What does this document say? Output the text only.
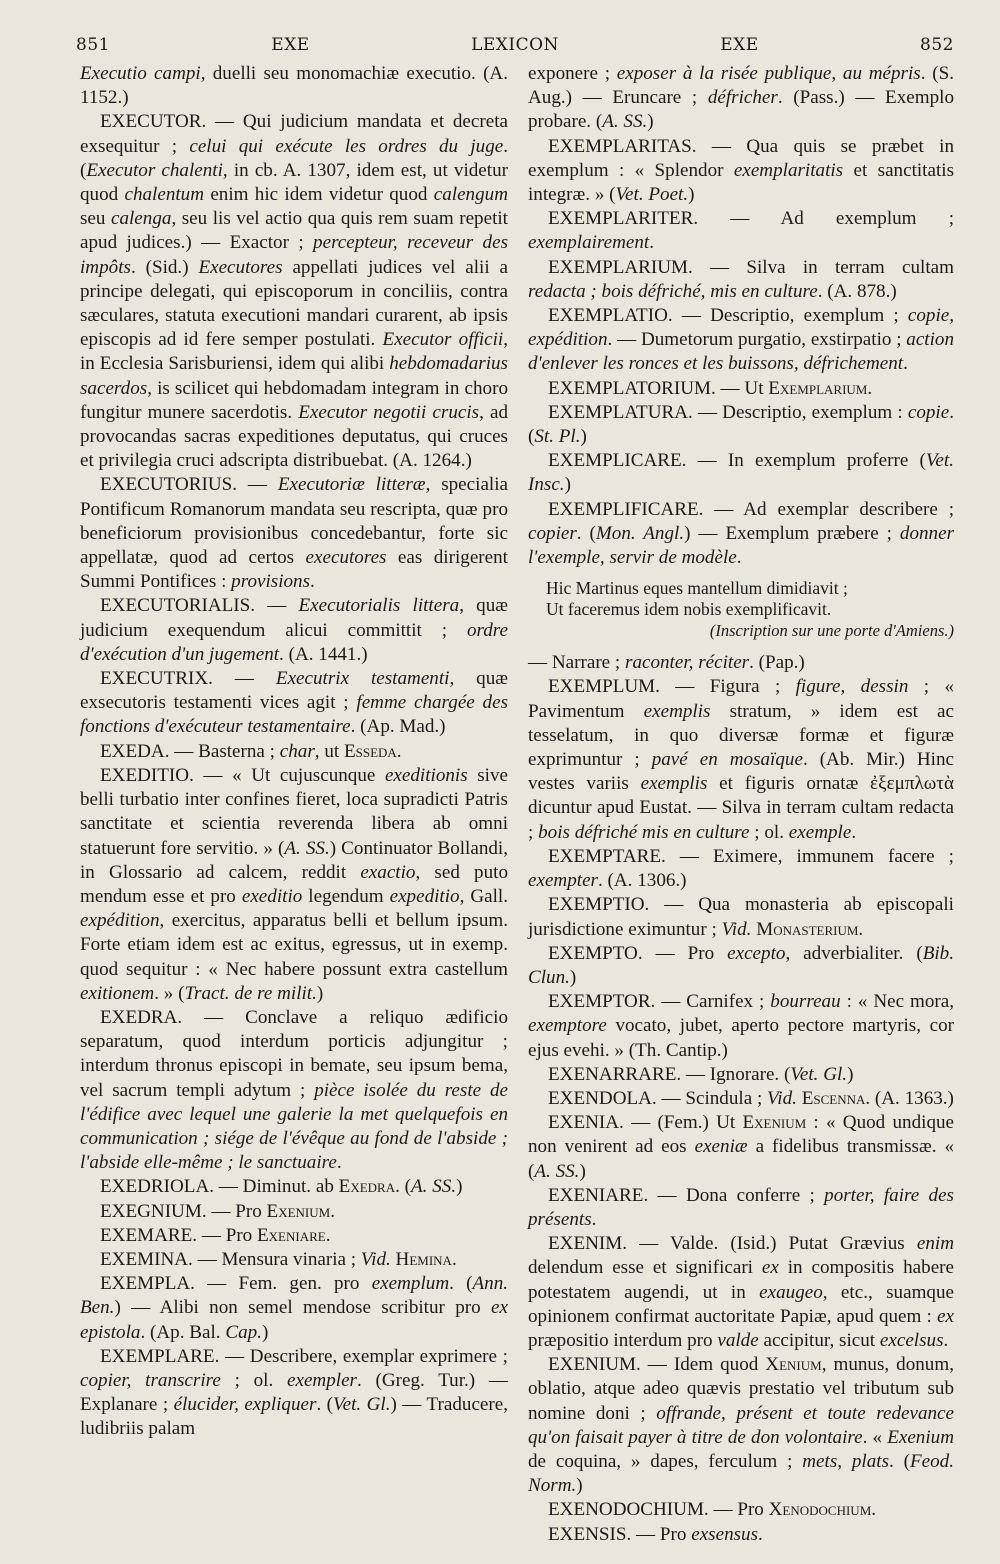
851	EXE	LEXICON	EXE	852

Executio campi, duelli seu monomachiæ executio. (A. 1152.)

EXECUTOR. — Qui judicium mandata et decreta exsequitur ; celui qui exécute les ordres du juge. (Executor chalenti, in cb. A. 1307, idem est, ut videtur quod chalentum enim hic idem videtur quod calengum seu calenga, seu lis vel actio qua quis rem suam repetit apud judices.) — Exactor ; percepteur, receveur des impôts. (Sid.) Executores appellati judices vel alii a principe delegati, qui episcoporum in conciliis, contra sæculares, statuta executioni mandari curarent, ab ipsis episcopis ad id fere semper postulati. Executor officii, in Ecclesia Sarisburiensi, idem qui alibi hebdomadarius sacerdos, is scilicet qui hebdomadam integram in choro fungitur munere sacerdotis. Executor negotii crucis, ad provocandas sacras expeditiones deputatus, qui cruces et privilegia cruci adscripta distribuebat. (A. 1264.)

EXECUTORIUS. — Executoriæ litteræ, specialia Pontificum Romanorum mandata seu rescripta, quæ pro beneficiorum provisionibus concedebantur, forte sic appellatæ, quod ad certos executores eas dirigerent Summi Pontifices : provisions.

EXECUTORIALIS. — Executorialis littera, quæ judicium exequendum alicui committit ; ordre d'exécution d'un jugement. (A. 1441.)

EXECUTRIX. — Executrix testamenti, quæ exsecutoris testamenti vices agit ; femme chargée des fonctions d'exécuteur testamentaire. (Ap. Mad.)

EXEDA. — Basterna ; char, ut Esseda.

EXEDITIO. — « Ut cujuscunque exeditionis sive belli turbatio inter confines fieret, loca supradicti Patris sanctitate et scientia reverenda libera ab omni statuerunt fore servitio. » (A. SS.) Continuator Bollandi, in Glossario ad calcem, reddit exactio, sed puto mendum esse et pro exeditio legendum expeditio, Gall. expédition, exercitus, apparatus belli et bellum ipsum. Forte etiam idem est ac exitus, egressus, ut in exemp. quod sequitur : « Nec habere possunt extra castellum exitionem. » (Tract. de re milit.)

EXEDRA. — Conclave a reliquo ædificio separatum, quod interdum porticis adjungitur ; interdum thronus episcopi in bemate, seu ipsum bema, vel sacrum templi adytum ; pièce isolée du reste de l'édifice avec lequel une galerie la met quelquefois en communication ; siége de l'évêque au fond de l'abside ; l'abside elle-même ; le sanctuaire.

EXEDRIOLA. — Diminut. ab Exedra. (A. SS.)

EXEGNIUM. — Pro Exenium.

EXEMARE. — Pro Exeniare.

EXEMINA. — Mensura vinaria ; Vid. Hemina.

EXEMPLA. — Fem. gen. pro exemplum. (Ann. Ben.) — Alibi non semel mendose scribitur pro ex epistola. (Ap. Bal. Cap.)

EXEMPLARE. — Describere, exemplar exprimere ; copier, transcrire ; ol. exempler. (Greg. Tur.) — Explanare ; élucider, expliquer. (Vet. Gl.) — Traducere, ludibriis palam

exponere ; exposer à la risée publique, au mépris. (S. Aug.) — Eruncare ; défricher. (Pass.) — Exemplo probare. (A. SS.)

EXEMPLARITAS. — Qua quis se præbet in exemplum : « Splendor exemplaritatis et sanctitatis integræ. » (Vet. Poet.)

EXEMPLARITER. — Ad exemplum ; exemplairement.

EXEMPLARIUM. — Silva in terram cultam redacta ; bois défriché, mis en culture. (A. 878.)

EXEMPLATIO. — Descriptio, exemplum ; copie, expédition. — Dumetorum purgatio, exstirpatio ; action d'enlever les ronces et les buissons, défrichement.

EXEMPLATORIUM. — Ut Exemplarium.

EXEMPLATURA. — Descriptio, exemplum : copie. (St. Pl.)

EXEMPLICARE. — In exemplum proferre (Vet. Insc.)

EXEMPLIFICARE. — Ad exemplar describere ; copier. (Mon. Angl.) — Exemplum præbere ; donner l'exemple, servir de modèle.

Hic Martinus eques mantellum dimidiavit ;
Ut faceremus idem nobis exemplificavit.
(Inscription sur une porte d'Amiens.)

— Narrare ; raconter, réciter. (Pap.)

EXEMPLUM. — Figura ; figure, dessin ; « Pavimentum exemplis stratum, » idem est ac tesselatum, in quo diversæ formæ et figuræ exprimuntur ; pavé en mosaïque. (Ab. Mir.) Hinc vestes variis exemplis et figuris ornatæ ἐξεμπλωτὰ dicuntur apud Eustat. — Silva in terram cultam redacta ; bois défriché mis en culture ; ol. exemple.

EXEMPTARE. — Eximere, immunem facere ; exempter. (A. 1306.)

EXEMPTIO. — Qua monasteria ab episcopali jurisdictione eximuntur ; Vid. Monasterium.

EXEMPTO. — Pro excepto, adverbialiter. (Bib. Clun.)

EXEMPTOR. — Carnifex ; bourreau : « Nec mora, exemptore vocato, jubet, aperto pectore martyris, cor ejus evehi. » (Th. Cantip.)

EXENARRARE. — Ignorare. (Vet. Gl.)

EXENDOLA. — Scindula ; Vid. Escenna. (A. 1363.)

EXENIA. — (Fem.) Ut Exenium : « Quod undique non venirent ad eos exeniæ a fidelibus transmissæ. « (A. SS.)

EXENIARE. — Dona conferre ; porter, faire des présents.

EXENIM. — Valde. (Isid.) Putat Grævius enim delendum esse et significari ex in compositis habere potestatem augendi, ut in exaugeo, etc., suamque opinionem confirmat auctoritate Papiæ, apud quem : ex præpositio interdum pro valde accipitur, sicut excelsus.

EXENIUM. — Idem quod Xenium, munus, donum, oblatio, atque adeo quævis prestatio vel tributum sub nomine doni ; offrande, présent et toute redevance qu'on faisait payer à titre de don volontaire. « Exenium de coquina, » dapes, ferculum ; mets, plats. (Feod. Norm.)

EXENODOCHIUM. — Pro Xenodochium.

EXENSIS. — Pro exsensus.
